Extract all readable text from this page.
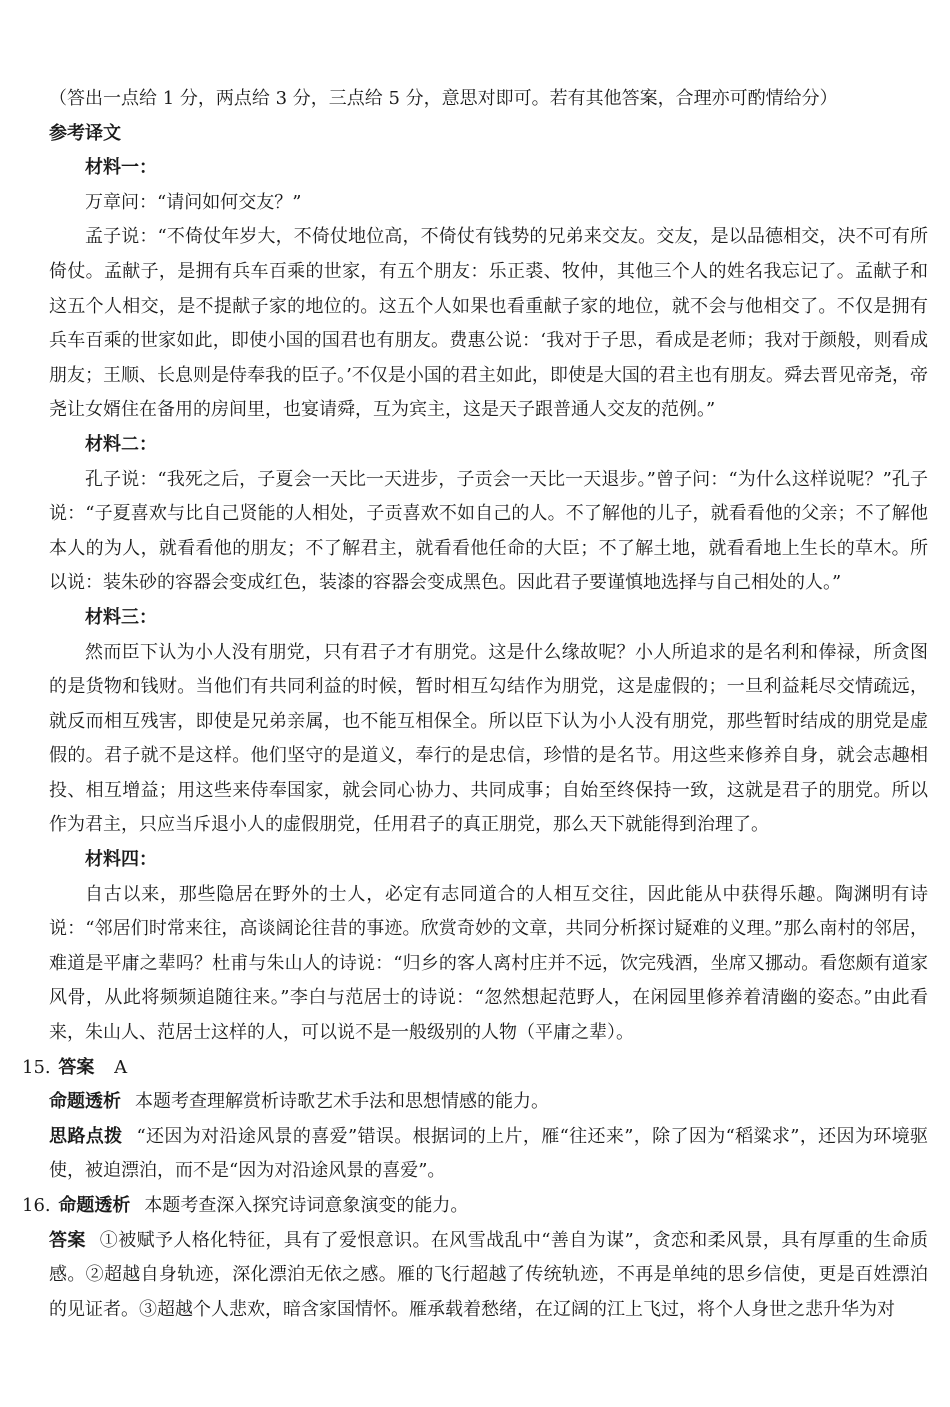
（答出一点给 1 分，两点给 3 分，三点给 5 分，意思对即可。若有其他答案，合理亦可酌情给分）

参考译文

材料一：

万章问：“请问如何交友？”

孟子说：“不倚仗年岁大，不倚仗地位高，不倚仗有钱势的兄弟来交友。交友，是以品德相交，决不可有所倚仗。孟献子，是拥有兵车百乘的世家，有五个朋友：乐正裘、牧仲，其他三个人的姓名我忘记了。孟献子和这五个人相交，是不提献子家的地位的。这五个人如果也看重献子家的地位，就不会与他相交了。不仅是拥有兵车百乘的世家如此，即使小国的国君也有朋友。费惠公说：‘我对于子思，看成是老师；我对于颜般，则看成朋友；王顺、长息则是侍奉我的臣子。’不仅是小国的君主如此，即使是大国的君主也有朋友。舜去晋见帝尧，帝尧让女婿住在备用的房间里，也宴请舜，互为宾主，这是天子跟普通人交友的范例。”

材料二：

孔子说：“我死之后，子夏会一天比一天进步，子贡会一天比一天退步。”曾子问：“为什么这样说呢？”孔子说：“子夏喜欢与比自己贤能的人相处，子贡喜欢不如自己的人。不了解他的儿子，就看看他的父亲；不了解他本人的为人，就看看他的朋友；不了解君主，就看看他任命的大臣；不了解土地，就看看地上生长的草木。所以说：装朱砂的容器会变成红色，装漆的容器会变成黑色。因此君子要谨慎地选择与自己相处的人。”

材料三：

然而臣下认为小人没有朋党，只有君子才有朋党。这是什么缘故呢？小人所追求的是名利和俸禄，所贪图的是货物和钱财。当他们有共同利益的时候，暂时相互勾结作为朋党，这是虚假的；一旦利益耗尽交情疏远，就反而相互残害，即使是兄弟亲属，也不能互相保全。所以臣下认为小人没有朋党，那些暂时结成的朋党是虚假的。君子就不是这样。他们坚守的是道义，奉行的是忠信，珍惜的是名节。用这些来修养自身，就会志趣相投、相互增益；用这些来侍奉国家，就会同心协力、共同成事；自始至终保持一致，这就是君子的朋党。所以作为君主，只应当斥退小人的虚假朋党，任用君子的真正朋党，那么天下就能得到治理了。

材料四：

自古以来，那些隐居在野外的士人，必定有志同道合的人相互交往，因此能从中获得乐趣。陶渊明有诗说：“邻居们时常来往，高谈阔论往昔的事迹。欣赏奇妙的文章，共同分析探讨疑难的义理。”那么南村的邻居，难道是平庸之辈吗？杜甫与朱山人的诗说：“归乡的客人离村庄并不远，饮完残酒，坐席又挪动。看您颇有道家风骨，从此将频频追随往来。”李白与范居士的诗说：“忽然想起范野人，在闲园里修养着清幽的姿态。”由此看来，朱山人、范居士这样的人，可以说不是一般级别的人物（平庸之辈）。

15. 答案 A

命题透析 本题考查理解赏析诗歌艺术手法和思想情感的能力。

思路点拨 “还因为对沿途风景的喜爱”错误。根据词的上片，雁“往还来”，除了因为“稻粱求”，还因为环境驱使，被迫漂泊，而不是“因为对沿途风景的喜爱”。

16. 命题透析 本题考查深入探究诗词意象演变的能力。

答案 ①被赋予人格化特征，具有了爱恨意识。在风雪战乱中“善自为谋”，贪恋和柔风景，具有厚重的生命质感。②超越自身轨迹，深化漂泊无依之感。雁的飞行超越了传统轨迹，不再是单纯的思乡信使，更是百姓漂泊的见证者。③超越个人悲欢，暗含家国情怀。雁承载着愁绪，在辽阔的江上飞过，将个人身世之悲升华为对
